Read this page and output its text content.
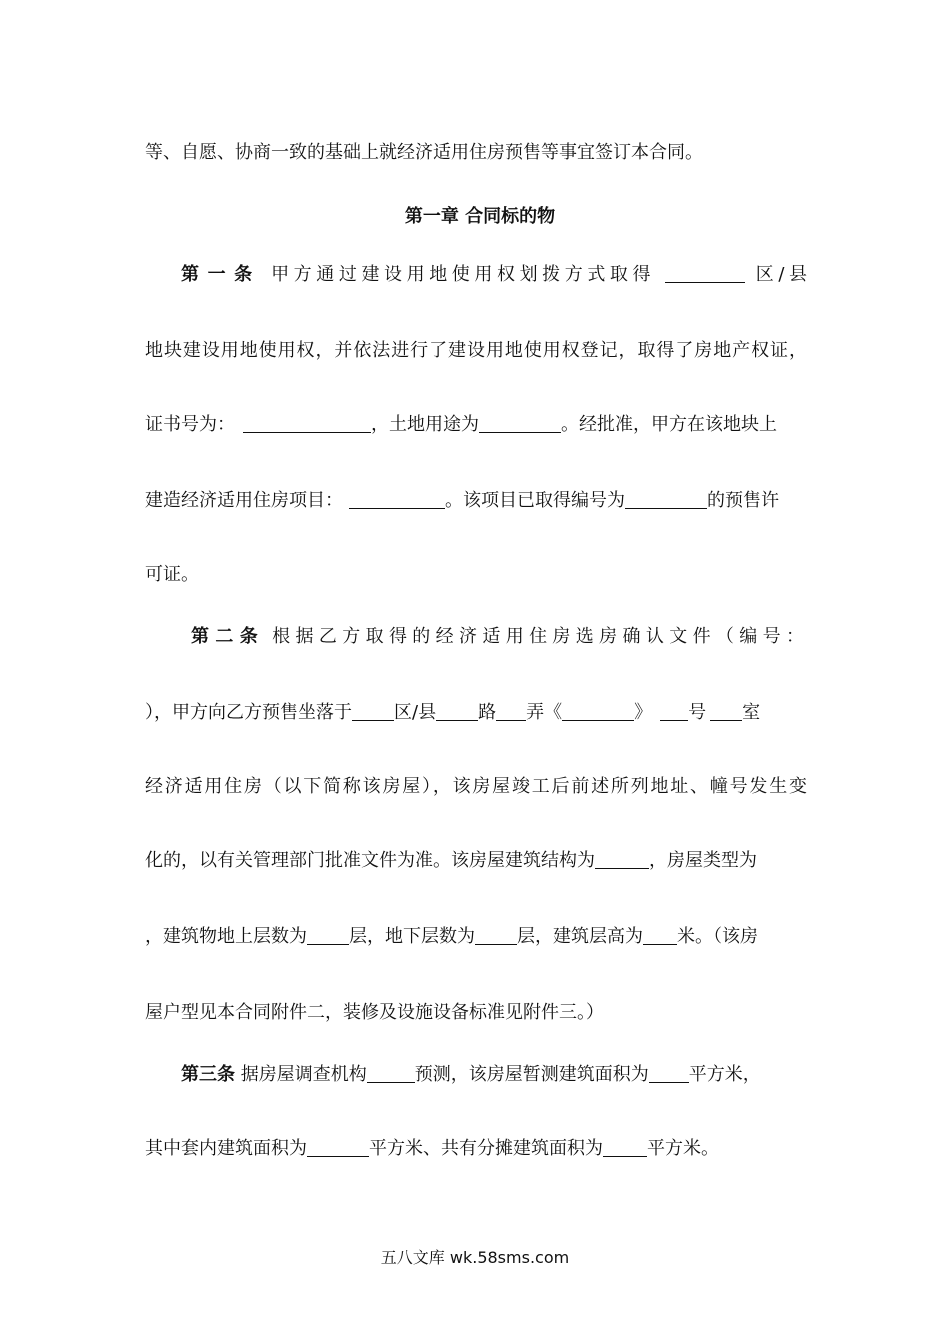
等、自愿、协商一致的基础上就经济适用住房预售等事宜签订本合同。
第一章 合同标的物
第一条 甲方通过建设用地使用权划拨方式取得	区/县
地块建设用地使用权，并依法进行了建设用地使用权登记，取得了房地产权证，
证书号为：	，土地用途为	。经批准，甲方在该地块上
建造经济适用住房项目：	。该项目已取得编号为	的预售许
可证。
第二条 根据乙方取得的经济适用住房选房确认文件（编号：
），甲方向乙方预售坐落于 区/县 路 弄《	》 号 室
经济适用住房（以下简称该房屋），该房屋竣工后前述所列地址、幢号发生变
化的，以有关管理部门批准文件为准。该房屋建筑结构为	，房屋类型为
，建筑物地上层数为 层，地下层数为 层，建筑层高为 米。（该房
屋户型见本合同附件二，装修及设施设备标准见附件三。）
第三条 据房屋调查机构	预测，该房屋暂测建筑面积为 平方米，
其中套内建筑面积为	平方米、共有分摊建筑面积为 平方米。
五八文库 wk.58sms.com
